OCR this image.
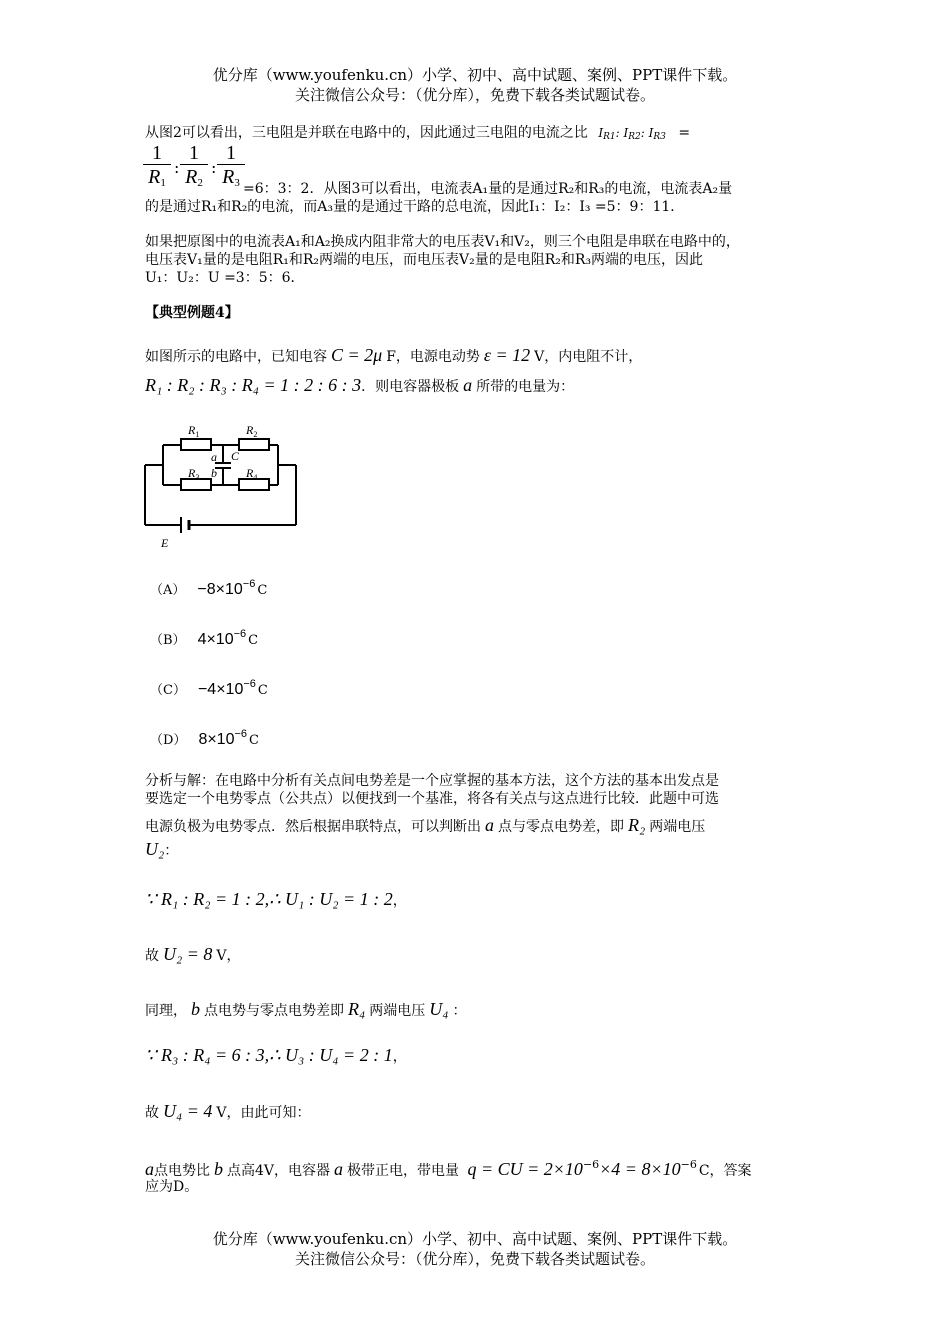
优分库（www.youfenku.cn）小学、初中、高中试题、案例、PPT课件下载。
关注微信公众号：（优分库），免费下载各类试题试卷。
从图2可以看出，三电阻是并联在电路中的，因此通过三电阻的电流之比 IR1: IR2: IR3 =
1
$R_1$
:
1
$R_2$
:
1
$R_3 =6$：3：2．从图3可以看出，电流表A₁量的是通过R₂和R₃的电流，电流表A₂量
的是通过R₁和R₂的电流，而A₃量的是通过干路的总电流，因此I₁：I₂：I₃ =5：9：11．
如果把原图中的电流表A₁和A₂换成内阻非常大的电压表V₁和V₂，则三个电阻是串联在电路中的，
电压表V₁量的是电阻R₁和R₂两端的电压，而电压表V₂量的是电阻R₂和R₃两端的电压，因此
U₁：U₂：U =3：5：6．
【典型例题4】
如图所示的电路中，已知电容 C = 2μ F，电源电动势 ε = 12 V，内电阻不计，
R₁ : R₂ : R₃ : R₄ = 1 : 2 : 6 : 3．则电容器极板 a 所带的电量为：
$R_1$	$R_2$
$R_3$	$R_4$
a
b
C
E
$(A) -8\times 10^{-6}$ C
（B） $4\times 10^{-6}$ C
$(C) -4\times 10^{-6}$ C
（D） $8\times 10^{-6}$ C
分析与解：在电路中分析有关点间电势差是一个应掌握的基本方法，这个方法的基本出发点是
要选定一个电势零点（公共点）以便找到一个基准，将各有关点与这点进行比较．此题中可选
电源负极为电势零点．然后根据串联特点，可以判断出 a 点与零点电势差，即 R₂ 两端电压
U₂：
∵ R₁ : R₂ = 1 : 2,∴ U₁ : U₂ = 1 : 2，
故 U₂ = 8 V，
同理， b 点电势与零点电势差即 R₄ 两端电压 U₄ ：
∵ R₃ : R₄ = 6 : 3,∴ U₃ : U₄ = 2 : 1，
故 U₄ = 4 V，由此可知：
a点电势比 b 点高4V，电容器 a 极带正电，带电量 q = CU = $2\times 10^{-6}\times 4 = 8\times 10^{-6}$ C，答案
应为D。
优分库（www.youfenku.cn）小学、初中、高中试题、案例、PPT课件下载。
关注微信公众号：（优分库），免费下载各类试题试卷。
